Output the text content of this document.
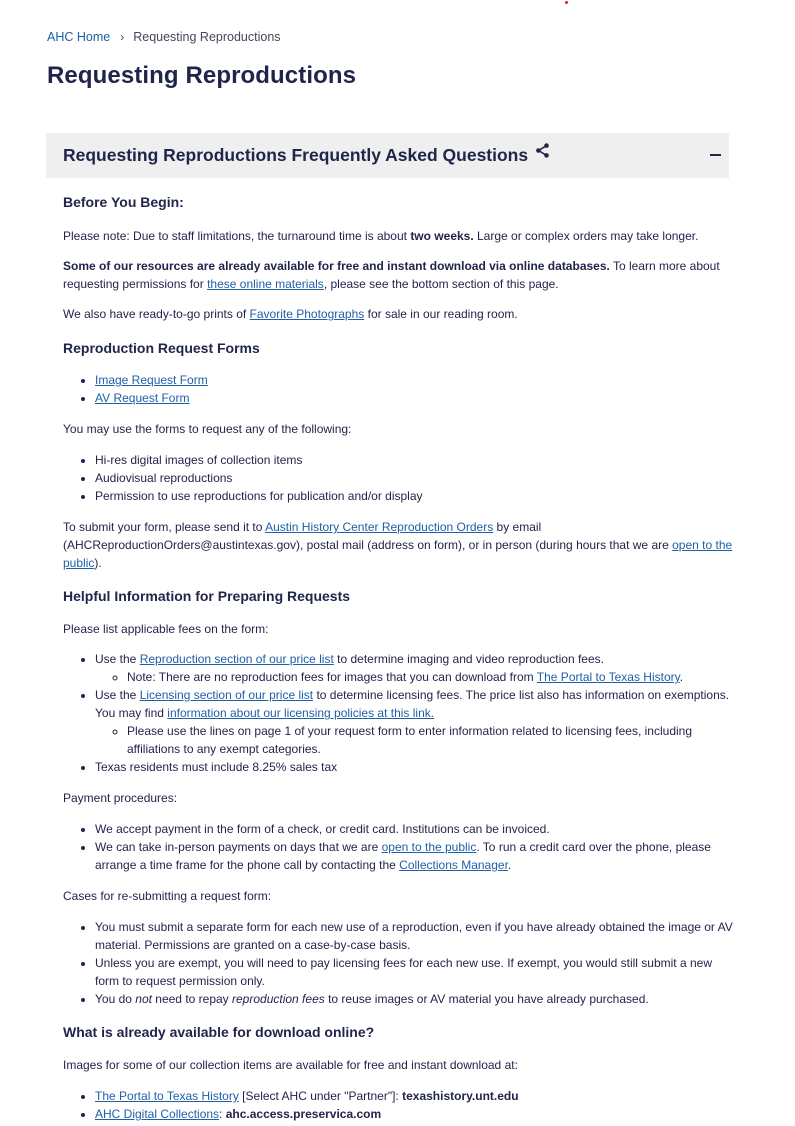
AHC Home › Requesting Reproductions
Requesting Reproductions
Requesting Reproductions Frequently Asked Questions
Before You Begin:

Please note: Due to staff limitations, the turnaround time is about two weeks. Large or complex orders may take longer.

Some of our resources are already available for free and instant download via online databases. To learn more about requesting permissions for these online materials, please see the bottom section of this page.

We also have ready-to-go prints of Favorite Photographs for sale in our reading room.

Reproduction Request Forms
• Image Request Form
• AV Request Form

You may use the forms to request any of the following:

• Hi-res digital images of collection items
• Audiovisual reproductions
• Permission to use reproductions for publication and/or display

To submit your form, please send it to Austin History Center Reproduction Orders by email (AHCReproductionOrders@austintexas.gov), postal mail (address on form), or in person (during hours that we are open to the public).

Helpful Information for Preparing Requests

Please list applicable fees on the form:

• Use the Reproduction section of our price list to determine imaging and video reproduction fees.
◦ Note: There are no reproduction fees for images that you can download from The Portal to Texas History.
• Use the Licensing section of our price list to determine licensing fees. The price list also has information on exemptions. You may find information about our licensing policies at this link.
◦ Please use the lines on page 1 of your request form to enter information related to licensing fees, including affiliations to any exempt categories.
• Texas residents must include 8.25% sales tax

Payment procedures:

• We accept payment in the form of a check, or credit card. Institutions can be invoiced.
• We can take in-person payments on days that we are open to the public. To run a credit card over the phone, please arrange a time frame for the phone call by contacting the Collections Manager.

Cases for re-submitting a request form:

• You must submit a separate form for each new use of a reproduction, even if you have already obtained the image or AV material. Permissions are granted on a case-by-case basis.
• Unless you are exempt, you will need to pay licensing fees for each new use. If exempt, you would still submit a new form to request permission only.
• You do not need to repay reproduction fees to reuse images or AV material you have already purchased.
What is already available for download online?

Images for some of our collection items are available for free and instant download at:

• The Portal to Texas History [Select AHC under "Partner"]: texashistory.unt.edu
• AHC Digital Collections: ahc.access.preservica.com
